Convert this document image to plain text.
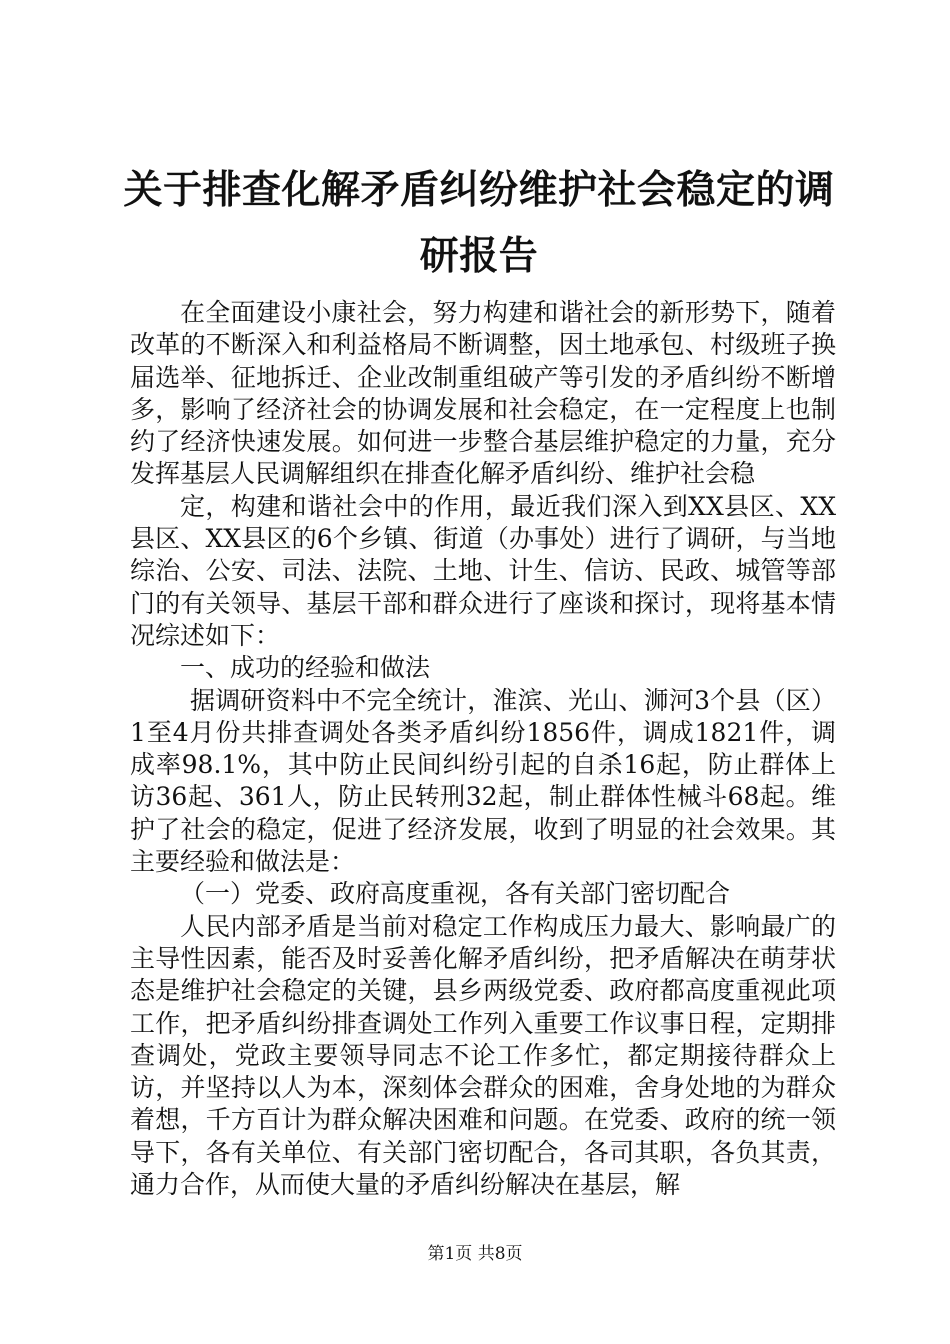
关于排查化解矛盾纠纷维护社会稳定的调研报告

在全面建设小康社会，努力构建和谐社会的新形势下，随着改革的不断深入和利益格局不断调整，因土地承包、村级班子换届选举、征地拆迁、企业改制重组破产等引发的矛盾纠纷不断增多，影响了经济社会的协调发展和社会稳定，在一定程度上也制约了经济快速发展。如何进一步整合基层维护稳定的力量，充分发挥基层人民调解组织在排查化解矛盾纠纷、维护社会稳

定，构建和谐社会中的作用，最近我们深入到XX县区、XX县区、XX县区的6个乡镇、街道（办事处）进行了调研，与当地综治、公安、司法、法院、土地、计生、信访、民政、城管等部门的有关领导、基层干部和群众进行了座谈和探讨，现将基本情况综述如下：

一、成功的经验和做法

据调研资料中不完全统计，淮滨、光山、浉河3个县（区）1至4月份共排查调处各类矛盾纠纷1856件，调成1821件，调成率98.1%，其中防止民间纠纷引起的自杀16起，防止群体上访36起、361人，防止民转刑32起，制止群体性械斗68起。维护了社会的稳定，促进了经济发展，收到了明显的社会效果。其主要经验和做法是：

（一）党委、政府高度重视，各有关部门密切配合

人民内部矛盾是当前对稳定工作构成压力最大、影响最广的主导性因素，能否及时妥善化解矛盾纠纷，把矛盾解决在萌芽状态是维护社会稳定的关键，县乡两级党委、政府都高度重视此项工作，把矛盾纠纷排查调处工作列入重要工作议事日程，定期排查调处，党政主要领导同志不论工作多忙，都定期接待群众上访，并坚持以人为本，深刻体会群众的困难，舍身处地的为群众着想，千方百计为群众解决困难和问题。在党委、政府的统一领导下，各有关单位、有关部门密切配合，各司其职，各负其责，通力合作，从而使大量的矛盾纠纷解决在基层，解

第1页 共8页
